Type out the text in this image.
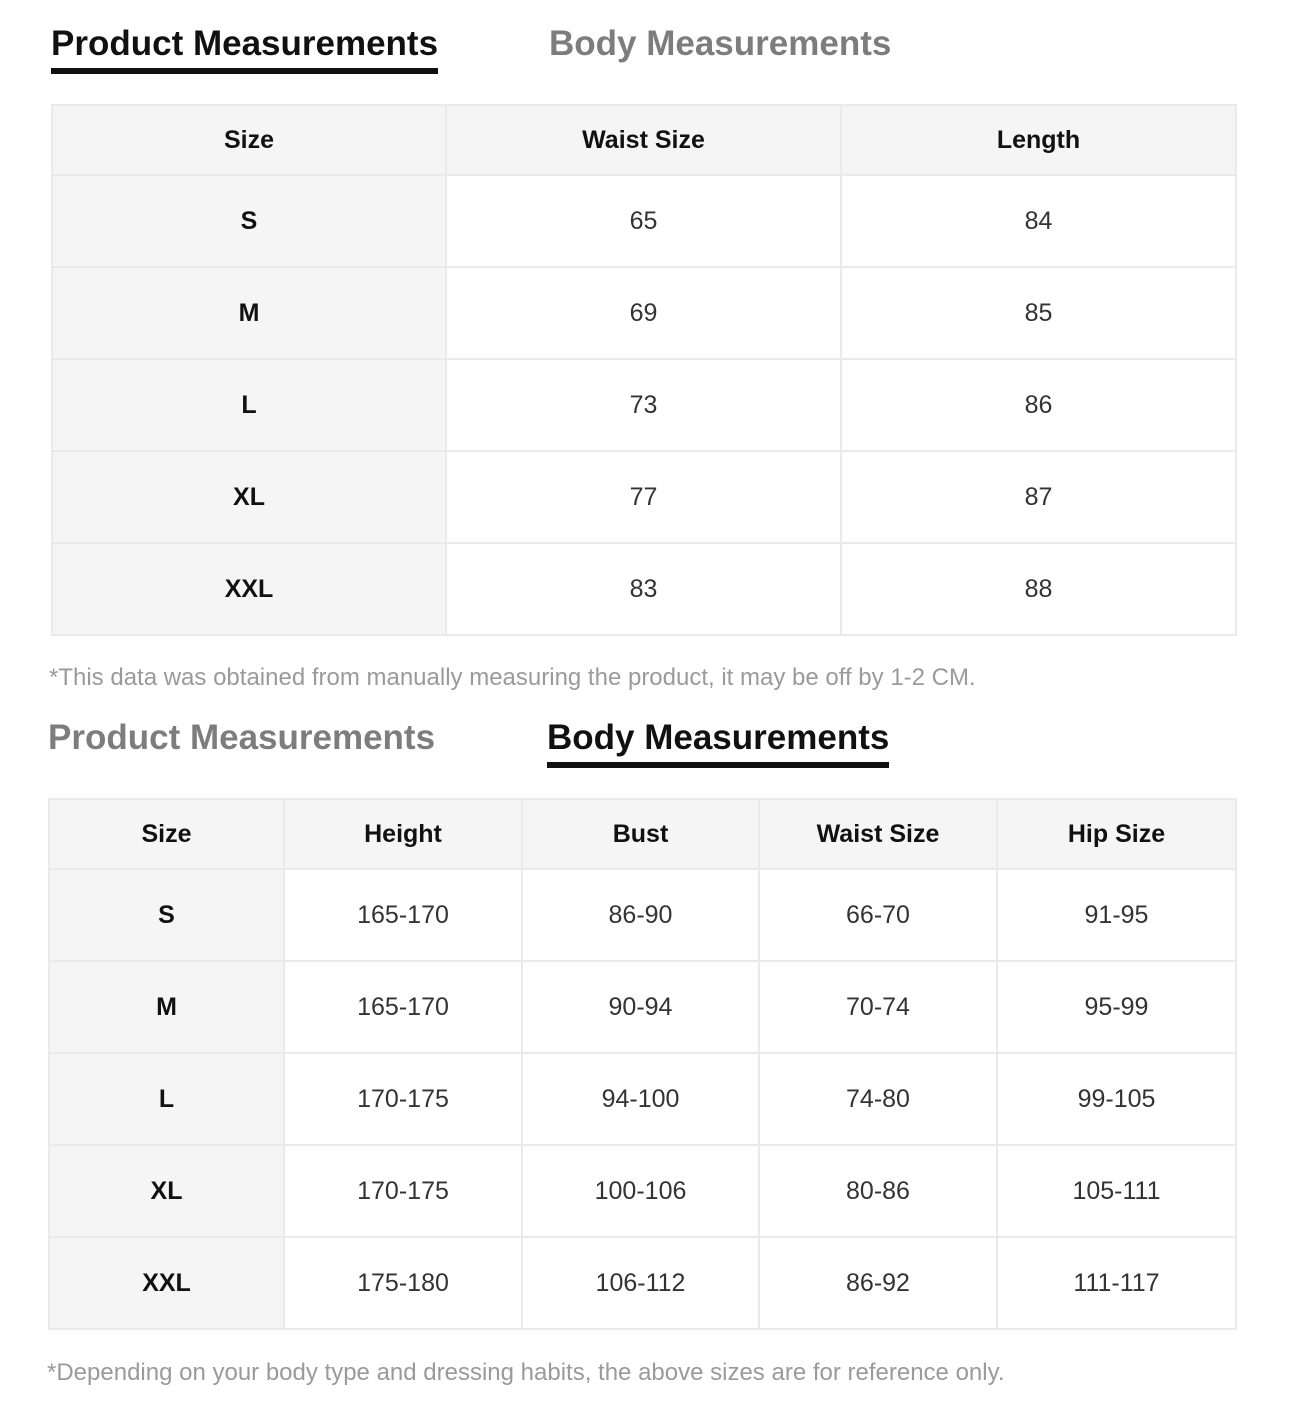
Product Measurements	Body Measurements
Size	Waist Size	Length
S	65	84
M	69	85
L	73	86
XL	77	87
XXL	83	88
*This data was obtained from manually measuring the product, it may be off by 1-2 CM.
Product Measurements	Body Measurements
Size	Height	Bust	Waist Size	Hip Size
S	165-170	86-90	66-70	91-95
M	165-170	90-94	70-74	95-99
L	170-175	94-100	74-80	99-105
XL	170-175	100-106	80-86	105-111
XXL	175-180	106-112	86-92	111-117
*Depending on your body type and dressing habits, the above sizes are for reference only.
